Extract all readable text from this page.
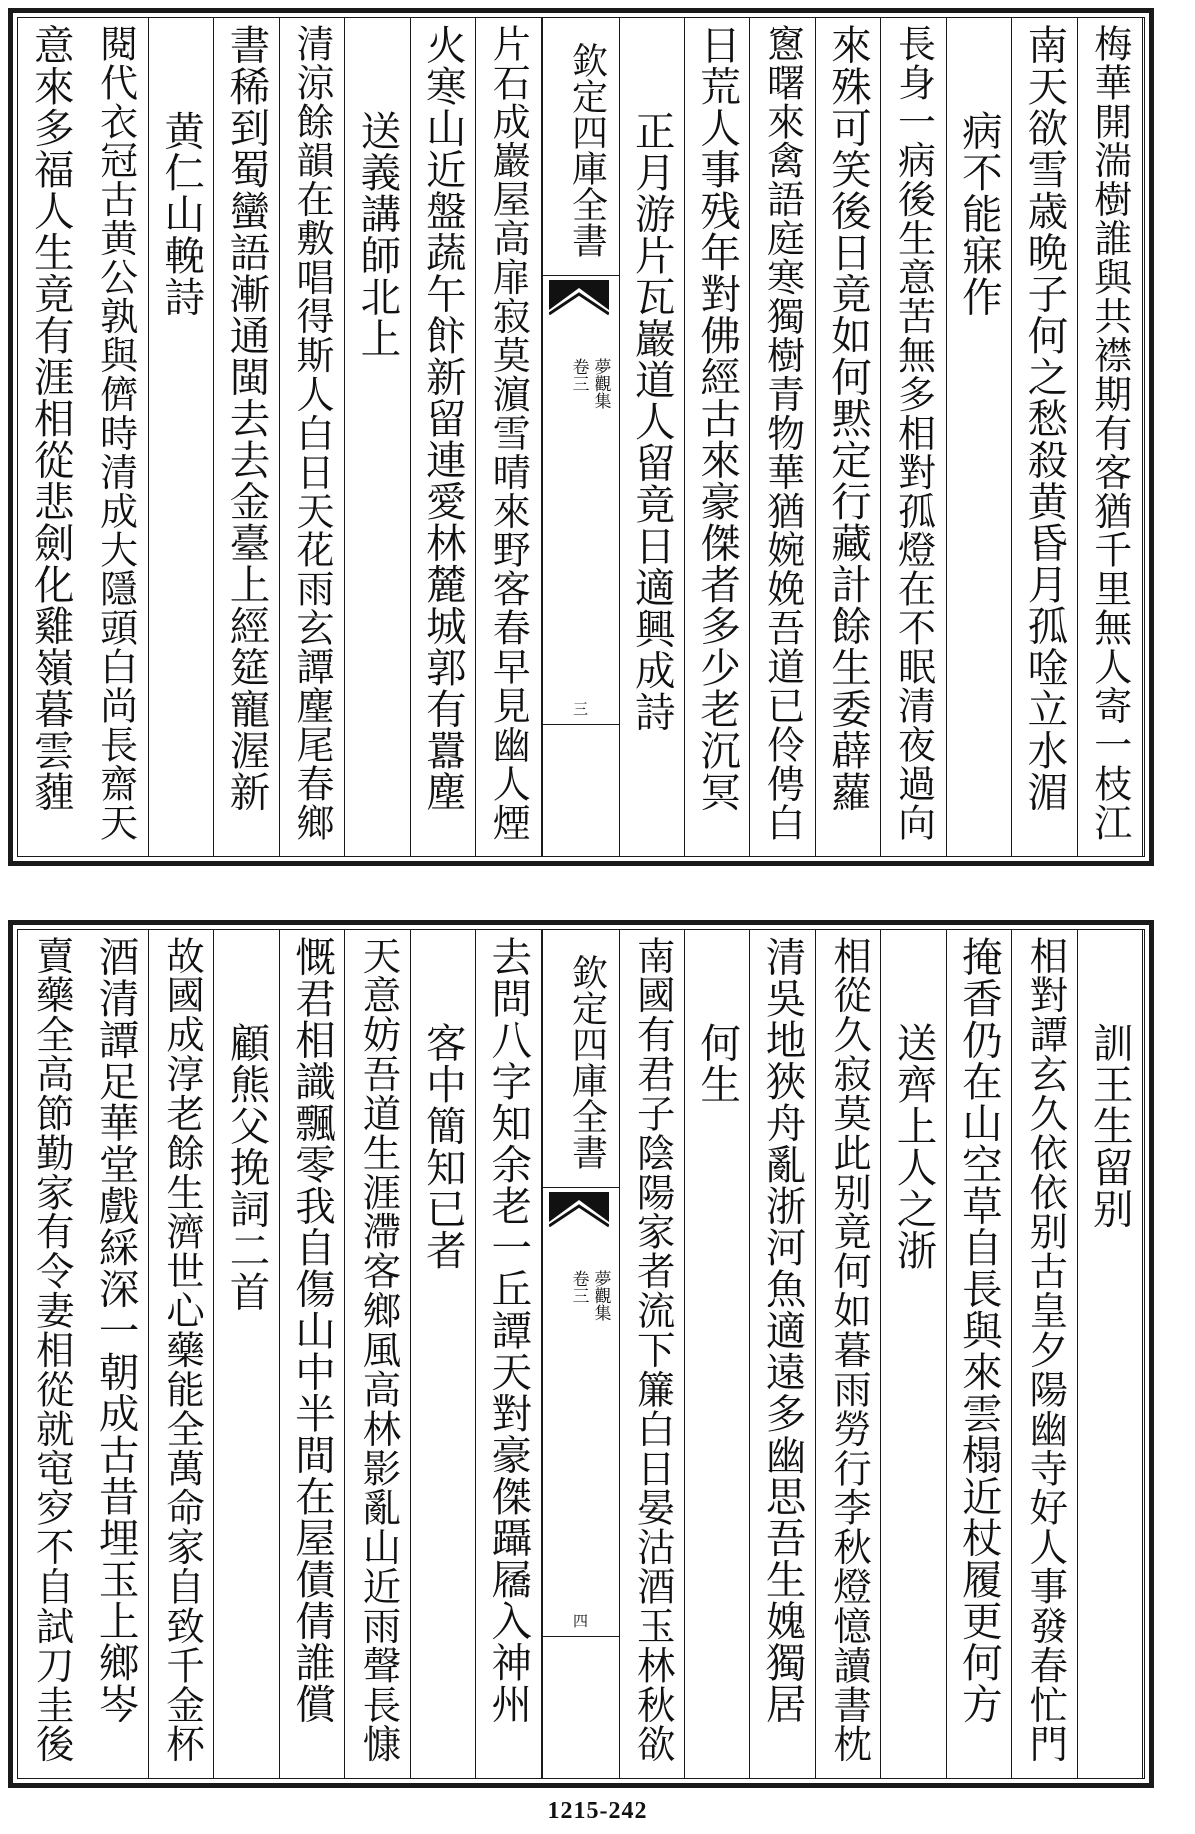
梅華開湍樹誰與共襟期有客猶千里無人寄一枝江
南天欲雪歳晩子何之愁殺黄昏月孤唫立水湄
病不能寐作
長身一病後生意苦無多相對孤燈在不眠清夜過向
來殊可笑後日竟如何黙定行藏計餘生委薜蘿
窻曙來禽語庭寒獨樹青物華猶婉娩吾道已伶俜白
日荒人事残年對佛經古來豪傑者多少老沉冥
正月游片瓦巖道人留竟日適興成詩
欽定四庫全書
夢觀集
卷三
三
片石成巖屋高扉寂莫濵雪晴來野客春早見幽人煙
火寒山近盤蔬午飰新留連愛林麓城郭有囂塵
送義講師北上
清涼餘韻在敷唱得斯人白日天花雨玄譚麈尾春鄉
書稀到蜀蠻語漸通閩去去金臺上經筵寵渥新
黄仁山輓詩
閱代衣冠古黄公孰與儕時清成大隱頭白尚長齋天
意來多福人生竟有涯相從悲劍化雞嶺暮雲薶
訓王生留别
相對譚玄久依依别古皇夕陽幽寺好人事發春忙門
掩香仍在山空草自長與來雲榻近杖履更何方
送齊上人之浙
相從久寂莫此别竟何如暮雨勞行李秋燈憶讀書枕
清吳地狹舟亂浙河魚適遠多幽思吾生媿獨居
何生
南國有君子陰陽家者流下簾白日晏沽酒玉林秋欲
欽定四庫全書
夢觀集
卷三
四
去問八字知余老一丘譚天對豪傑躡屩入神州
客中簡知已者
天意妨吾道生涯滯客鄉風高林影亂山近雨聲長慷
慨君相識飄零我自傷山中半間在屋債倩誰償
顧熊父挽詞二首
故國成淳老餘生濟世心藥能全萬命家自致千金杯
酒清譚足華堂戲綵深一朝成古昔埋玉上鄉岑
賣藥全高節勤家有令妻相從就窀穸不自試刀圭後
1215-242
